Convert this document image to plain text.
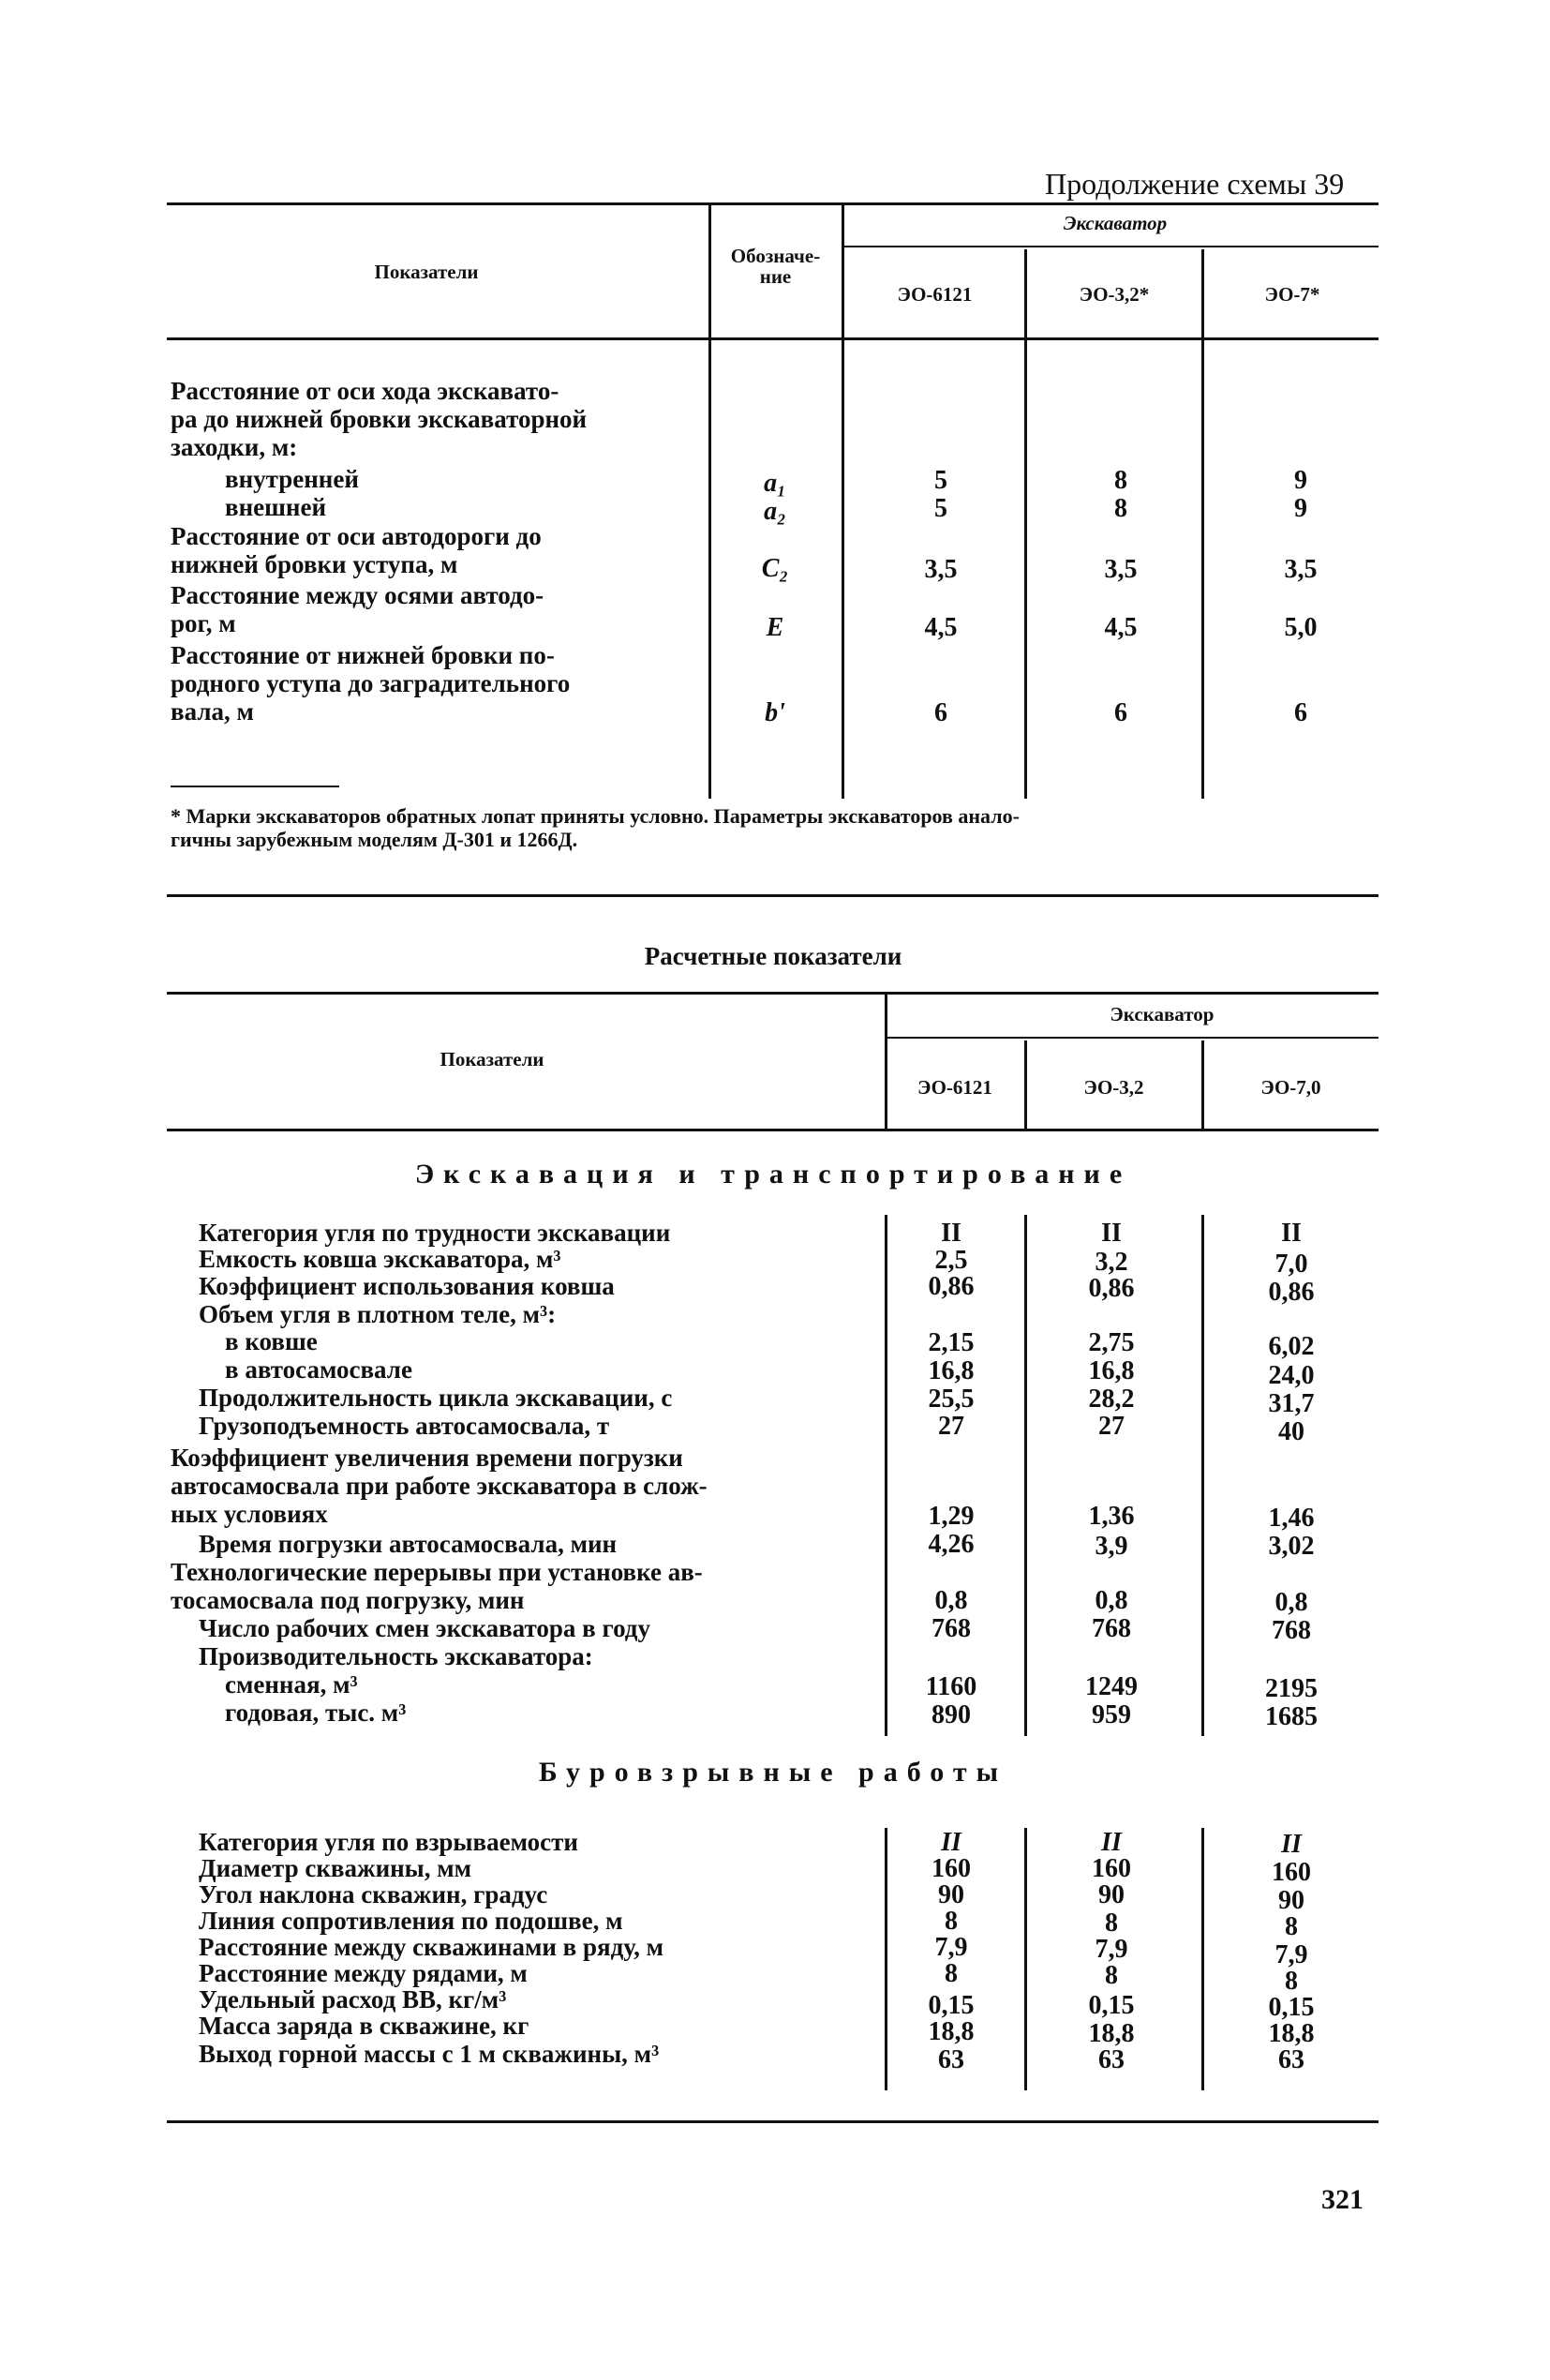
Продолжение схемы 39
Показатели
Обозначе-
ние
Экскаватор
ЭО-6121	ЭО-3,2*	ЭО-7*
Расстояние от оси хода экскавато-
ра до нижней бровки экскаваторной
заходки, м:
внутренней	a₁	5	8	9
внешней	a₂	5	8	9
Расстояние от оси автодороги до
нижней бровки уступа, м	C₂	3,5	3,5	3,5
Расстояние между осями автодо-
рог, м	E	4,5	4,5	5,0
Расстояние от нижней бровки по-
родного уступа до заградительного
вала, м	b'	6	6	6
* Марки экскаваторов обратных лопат приняты условно. Параметры экскаваторов анало-
гичны зарубежным моделям Д-301 и 1266Д.
Расчетные показатели
Показатели
Экскаватор
ЭО-6121	ЭО-3,2	ЭО-7,0
Экскавация и транспортирование
Категория угля по трудности экскавации	II	II	II
Емкость ковша экскаватора, м³	2,5	3,2	7,0
Коэффициент использования ковша	0,86	0,86	0,86
Объем угля в плотном теле, м³:
в ковше	2,15	2,75	6,02
в автосамосвале	16,8	16,8	24,0
Продолжительность цикла экскавации, с	25,5	28,2	31,7
Грузоподъемность автосамосвала, т	27	27	40
Коэффициент увеличения времени погрузки
автосамосвала при работе экскаватора в слож-
ных условиях	1,29	1,36	1,46
Время погрузки автосамосвала, мин	4,26	3,9	3,02
Технологические перерывы при установке ав-
тосамосвала под погрузку, мин	0,8	0,8	0,8
Число рабочих смен экскаватора в году	768	768	768
Производительность экскаватора:
сменная, м³	1160	1249	2195
годовая, тыс. м³	890	959	1685
Буровзрывные работы
Категория угля по взрываемости	II	II	II
Диаметр скважины, мм	160	160	160
Угол наклона скважин, градус	90	90	90
Линия сопротивления по подошве, м	8	8	8
Расстояние между скважинами в ряду, м	7,9	7,9	7,9
Расстояние между рядами, м	8	8	8
Удельный расход ВВ, кг/м³	0,15	0,15	0,15
Масса заряда в скважине, кг	18,8	18,8	18,8
Выход горной массы с 1 м скважины, м³	63	63	63
321
